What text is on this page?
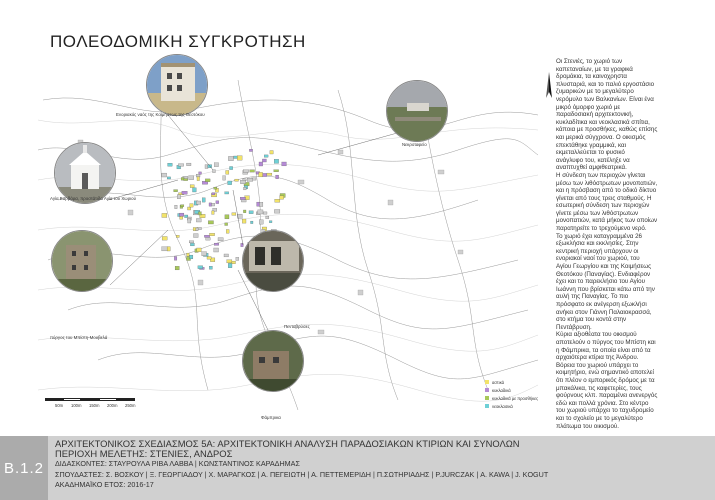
ΠΟΛΕΟΔΟΜΙΚΗ ΣΥΓΚΡΟΤΗΣΗ
Ενοριακός ναός της Κοιμήσεως της Θεοτόκου
Αγία Βαρβάρα, προστάτιδα Αγία του Χωριού
πύργος του Μπίστη-Μουβελά
Νεκροταφείο
Πενταβρύσες
Φάμπρικα
50m 100m 150m 200m 250m
αστικά
κυκλαδικά
κυκλαδικά με προσθήκες
νεοκλασικά
Οι Στενιές, το χωριό των
καπεταναίων, με τα γραφικά
δρομάκια, τα καινοχρηστα
πλυσταριά, και το παλιό εργοστάσιο
ζυμαρικών με το μεγαλύτερο
νερόμυλο των Βαλκανίων. Είναι ένα
μικρό όμορφο χωριό με
παραδοσιακή αρχιτεκτονική,
κυκλαδίτικα και νεοκλασικά σπίτια,
κάποια με προσθήκες, καθώς επίσης
και μερικά σύγχρονα. Ο οικισμός
επεκτάθηκε γραμμικά, και
εκμεταλλεύεται το φυσικό
ανάγλυφο του, κατέληξε να
αναπτυχθεί αμφιθεατρικά.
Η σύνδεση των περιοχών γίνεται
μέσω των λιθόστρωτων μονοπατιών,
και η πρόσβαση από το οδικό δίκτυο
γίνεται από τους τρεις σταθμούς. Η
εσωτερική σύνδεση των περιοχών
γίνετε μέσω των λιθόστρωτων
μονοπατιών, κατά μήκος των οποίων
παρατηρείτε το τρεχούμενο νερό.
Το χωριό έχει καταγραμμένα 26
εξωκλήσια και εκκλησίες. Στην
κεντρική περιοχή υπάρχουν οι
ενοριακοί ναοί του χωριού, του
Αγίου Γεωργίου και της Κοιμήσεως
Θεοτόκου (Παναγίας). Ενδιαφέρον
έχει και το παρεκλήσιο του Αγίου
Ιωάννη που βρίσκεται κάτω από την
αυλή της Παναγίας. Το πιο
πρόσφατο εκ ανέγερση εξωκλήσι
ανήκει στον Γιάννη Παλαιοκρασσά,
στο κτήμα του κοντά στην
Πεντάβρυση.
Κύρια αξιοθέατα του οικισμού
αποτελούν ο πύργος του Μπίστη και
η Φάμπρικα, τα οποία είναι από τα
αρχαιότερα κτίρια της Άνδρου.
Βόρεια του χωριού υπάρχει το
κοιμητήριο, ενώ σημαντικό αποτελεί
ότι πλέον ο εμπορικός δρόμος με τα
μπακάλικα, τις καφετερίες, τους
φούρνους κλπ. παραμένει ανενεργός
εδώ και πολλά χρόνια. Στο κέντρο
του χωριού υπάρχει το ταχυδρομείο
και το σχολείο με το μεγαλύτερο
πλάτωμα του οικισμού.
B.1.2
ΑΡΧΙΤΕΚΤΟΝΙΚΟΣ ΣΧΕΔΙΑΣΜΟΣ 5Α: ΑΡΧΙΤΕΚΤΟΝΙΚΗ ΑΝΑΛΥΣΗ ΠΑΡΑΔΟΣΙΑΚΩΝ ΚΤΙΡΙΩΝ ΚΑΙ ΣΥΝΟΛΩΝ
ΠΕΡΙΟΧΗ ΜΕΛΕΤΗΣ: ΣΤΕΝΙΕΣ, ΑΝΔΡΟΣ
ΔΙΔΑΣΚΟΝΤΕΣ: ΣΤΑΥΡΟΥΛΑ ΡΙΒΑ ΛΑΒΒΑ | ΚΩΝΣΤΑΝΤΙΝΟΣ ΚΑΡΑΔΗΜΑΣ
ΣΠΟΥΔΑΣΤΕΣ: Σ. ΒΟΣΚΟΥ | Ξ. ΓΕΩΡΓΙΑΔΟΥ | Χ. ΜΑΡΑΓΚΟΣ | Α. ΠΕΓΕΙΩΤΗ | Α. ΠΕΤΤΕΜΕΡΙΔΗ | Π.ΣΩΤΗΡΙΑΔΗΣ | Ρ.JURCZAK | Α. KAWA | J. KOGUT
ΑΚΑΔΗΜΑΪΚΟ ΕΤΟΣ: 2016-17
